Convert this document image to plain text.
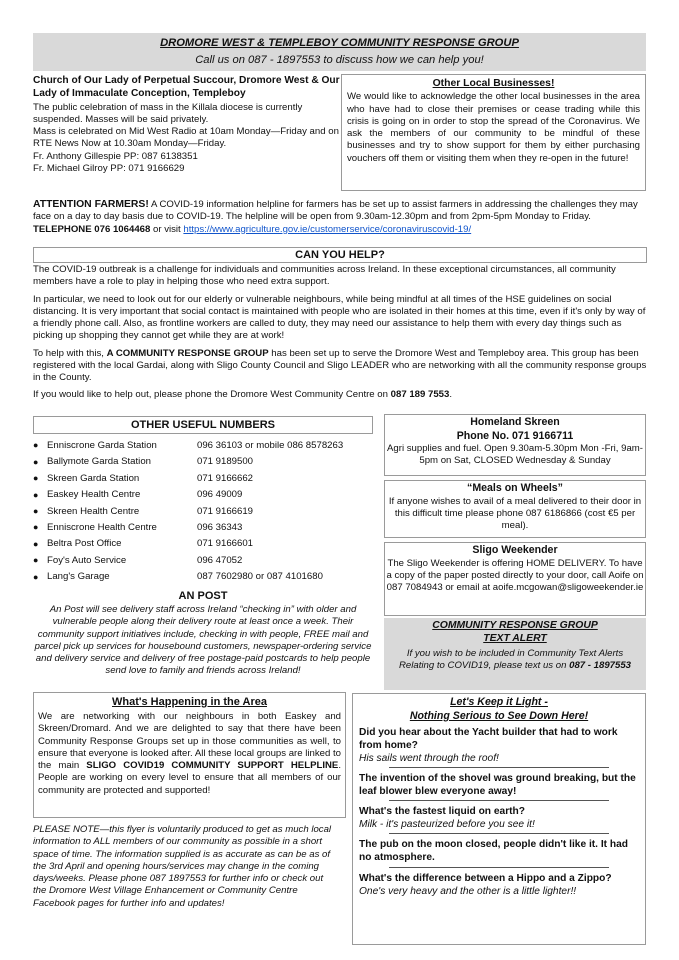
DROMORE WEST & TEMPLEBOY COMMUNITY RESPONSE GROUP
Call us on 087 - 1897553 to discuss how we can help you!
Church of Our Lady of Perpetual Succour, Dromore West & Our Lady of Immaculate Conception, Templeboy

The public celebration of mass in the Killala diocese is currently suspended. Masses will be said privately.

Mass is celebrated on Mid West Radio at 10am Monday—Friday and on RTE News Now at 10.30am Monday—Friday.

Fr. Anthony Gillespie PP: 087 6138351

Fr. Michael Gilroy PP: 071 9166629

Other Local Businesses!

We would like to acknowledge the other local businesses in the area who have had to close their premises or cease trading while this crisis is going on in order to stop the spread of the Coronavirus. We ask the members of our community to be mindful of these businesses and try to show support for them by either purchasing vouchers off them or visiting them when they re-open in the future!

ATTENTION FARMERS! A COVID-19 information helpline for farmers has be set up to assist farmers in addressing the challenges they may face on a day to day basis due to COVID-19. The helpline will be open from 9.30am-12.30pm and from 2pm-5pm Monday to Friday. TELEPHONE 076 1064468 or visit https://www.agriculture.gov.ie/customerservice/coronaviruscovid-19/
CAN YOU HELP?

The COVID-19 outbreak is a challenge for individuals and communities across Ireland. In these exceptional circumstances, all community members have a role to play in helping those who need extra support.

In particular, we need to look out for our elderly or vulnerable neighbours, while being mindful at all times of the HSE guidelines on social distancing. It is very important that social contact is maintained with people who are isolated in their homes at this time, even if it's only by way of a friendly phone call. Also, as frontline workers are called to duty, they may need our assistance to help them with every day things such as picking up shopping they cannot get while they are at work!

To help with this, A COMMUNITY RESPONSE GROUP has been set up to serve the Dromore West and Templeboy area. This group has been registered with the local Gardai, along with Sligo County Council and Sligo LEADER who are networking with all the community response groups in the County.

If you would like to help out, please phone the Dromore West Community Centre on 087 189 7553.

OTHER USEFUL NUMBERS
● Enniscrone Garda Station	096 36103 or mobile 086 8578263
● Ballymote Garda Station	071 9189500
● Skreen Garda Station	071 9166662
● Easkey Health Centre	096 49009
● Skreen Health Centre	071 9166619
● Enniscrone Health Centre	096 36343
● Beltra Post Office	071 9166601
● Foy's Auto Service	096 47052
● Lang's Garage	087 7602980 or 087 4101680
AN POST

An Post will see delivery staff across Ireland “checking in” with older and vulnerable people along their delivery route at least once a week. Their community support initiatives include, checking in with people, FREE mail and parcel pick up services for housebound customers, newspaper-ordering service and delivery service and delivery of free postage-paid postcards to help people send love to family and friends across Ireland!

What's Happening in the Area

We are networking with our neighbours in both Easkey and Skreen/Dromard. And we are delighted to say that there have been Community Response Groups set up in those communities as well, to ensure that everyone is looked after. All these local groups are linked to the main SLIGO COVID19 COMMUNITY SUPPORT HELPLINE. People are working on every level to ensure that all members of our community are protected and supported!

PLEASE NOTE—this flyer is voluntarily produced to get as much local information to ALL members of our community as possible in a short space of time. The information supplied is as accurate as can be as of the 3rd April and opening hours/services may change in the coming days/weeks. Please phone 087 1897553 for further info or check out the Dromore West Village Enhancement or Community Centre Facebook pages for further info and updates!

Homeland Skreen
Phone No. 071 9166711

Agri supplies and fuel. Open 9.30am-5.30pm Mon -Fri, 9am-5pm on Sat, CLOSED Wednesday & Sunday

“Meals on Wheels”

If anyone wishes to avail of a meal delivered to their door in this difficult time please phone 087 6186866 (cost €5 per meal).

Sligo Weekender

The Sligo Weekender is offering HOME DELIVERY. To have a copy of the paper posted directly to your door, call Aoife on 087 7084943 or email at aoife.mcgowan@sligoweekender.ie

COMMUNITY RESPONSE GROUP
TEXT ALERT

If you wish to be included in Community Text Alerts Relating to COVID19, please text us on 087 - 1897553

Let's Keep it Light -
Nothing Serious to See Down Here!

Did you hear about the Yacht builder that had to work from home?

His sails went through the roof!

The invention of the shovel was ground breaking, but the leaf blower blew everyone away!

What's the fastest liquid on earth?

Milk - it's pasteurized before you see it!

The pub on the moon closed, people didn't like it. It had no atmosphere.

What's the difference between a Hippo and a Zippo?

One's very heavy and the other is a little lighter!!
